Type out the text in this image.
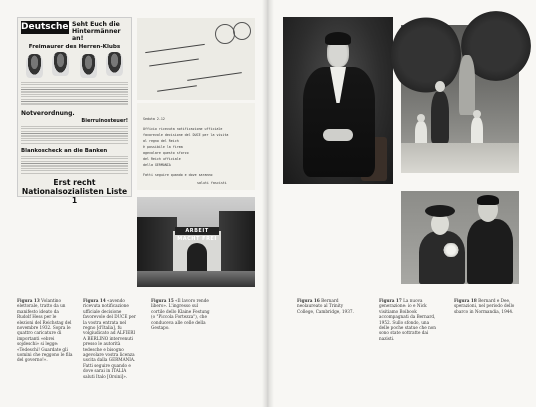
Deutsche! Seht Euch die Hintermänner an!
Freimaurer des Herren-Klubs
Notverordnung.
Bierruinosteuer!
Blankoscheck an die Banken
Erst recht Nationalsozialisten Liste 1
Seduta 2-12
Ufficio ricevuta notificazione ufficiale
favorevole decisione del DUCE per la visita
al regno del Reich
è possibile la firma
agevolare questo sforzo
del Reich ufficiale
della GERMANIA
Fatti seguire quando e dove saranno
saluti fascisti
ARBEIT MACHT FREI
Figura 13 Volantino elettorale, tratto da un manifesto ideato da Rudolf Hess per le elezioni del Reichstag del novembre 1932. Sopra le quattro caricature di importanti «ebrei sojdeschi» si legge: «Tedeschi! Guardate gli uomini che reggono le fila del governo!».
Figura 14 «avendo ricevuta notificazione ufficiale decisione favorevole del DUCE per la vostra entrata nel regno [d'Italia], fu volgiudicato ad ALFIERI A BERLINO intervenuti presso le autorità tedesche e bisogno agevolare vostra licenza uscita dalla GERMANIA. Fatti seguire quando e dove sarai in ITALIA saluti Italo [Orsini]».
Figura 15 «Il lavoro rende libero». L'ingresso sul cortile dello Klaine Festung (o "Piccola Fortezza"), che conduceva alle celle della Gestapo.
Figura 16 Bernard neolaureato al Trinity College, Cambridge, 1937.
Figura 17 La nuova generazione: io e Nick visitiamo Boibook accompagnati da Bernard, 1952. Sullo sfondo, una delle poche statue che non sono state sottratte dai nazisti.
Figura 18 Bernard e Dee, sperazioni, nel periodo dello sbarco in Normandia, 1944.
